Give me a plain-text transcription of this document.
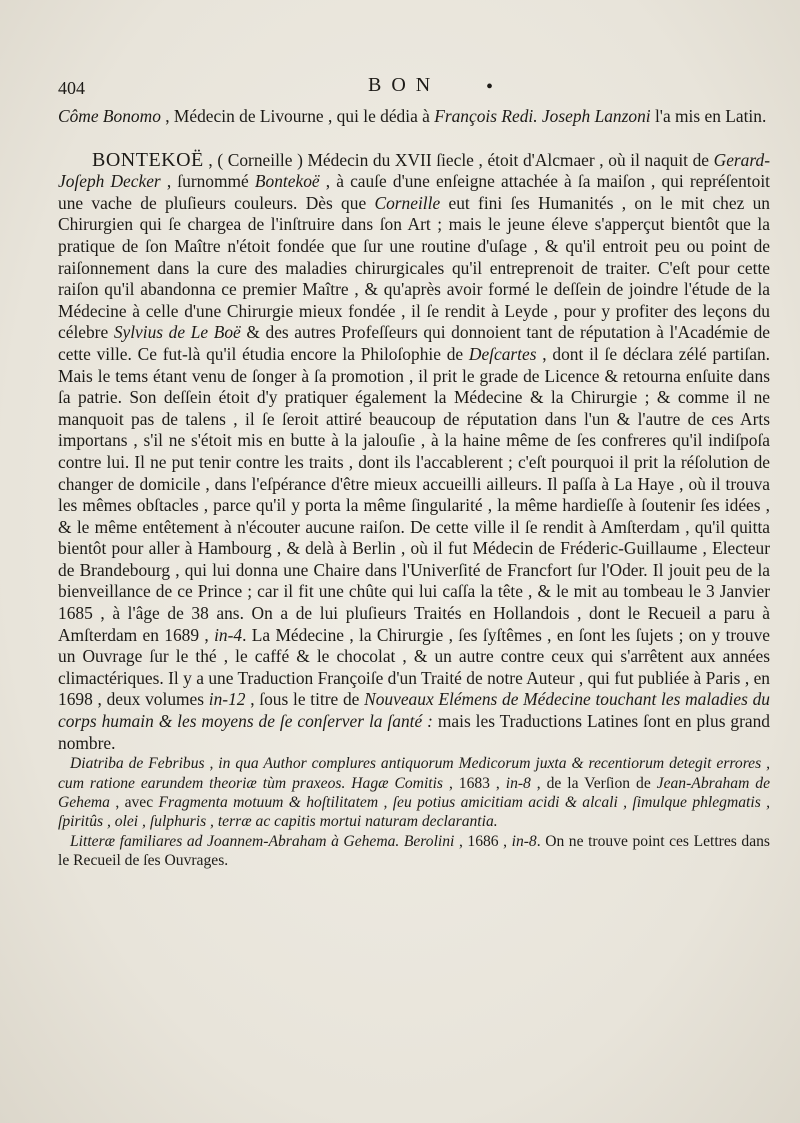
404	BON •

Côme Bonomo , Médecin de Livourne , qui le dédia à François Redi. Joseph Lanzoni l'a mis en Latin.

BONTEKOË , ( Corneille ) Médecin du XVII ſiecle , étoit d'Alcmaer , où il naquit de Gerard-Joſeph Decker , ſurnommé Bontekoë , à cauſe d'une enſeigne attachée à ſa maiſon , qui repréſentoit une vache de pluſieurs couleurs. Dès que Corneille eut fini ſes Humanités , on le mit chez un Chirurgien qui ſe chargea de l'inſtruire dans ſon Art ; mais le jeune éleve s'apperçut bientôt que la pratique de ſon Maître n'étoit fondée que ſur une routine d'uſage , & qu'il entroit peu ou point de raiſonnement dans la cure des maladies chirurgicales qu'il entreprenoit de traiter. C'eſt pour cette raiſon qu'il abandonna ce premier Maître , & qu'après avoir formé le deſſein de joindre l'étude de la Médecine à celle d'une Chirurgie mieux fondée , il ſe rendit à Leyde , pour y profiter des leçons du célebre Sylvius de Le Boë & des autres Profeſſeurs qui donnoient tant de réputation à l'Académie de cette ville. Ce fut-là qu'il étudia encore la Philoſophie de Deſcartes , dont il ſe déclara zélé partiſan. Mais le tems étant venu de ſonger à ſa promotion , il prit le grade de Licence & retourna enſuite dans ſa patrie. Son deſſein étoit d'y pratiquer également la Médecine & la Chirurgie ; & comme il ne manquoit pas de talens , il ſe ſeroit attiré beaucoup de réputation dans l'un & l'autre de ces Arts importans , s'il ne s'étoit mis en butte à la jalouſie , à la haine même de ſes confreres qu'il indiſpoſa contre lui. Il ne put tenir contre les traits , dont ils l'accablerent ; c'eſt pourquoi il prit la réſolution de changer de domicile , dans l'eſpérance d'être mieux accueilli ailleurs. Il paſſa à La Haye , où il trouva les mêmes obſtacles , parce qu'il y porta la même ſingularité , la même hardieſſe à ſoutenir ſes idées , & le même entêtement à n'écouter aucune raiſon. De cette ville il ſe rendit à Amſterdam , qu'il quitta bientôt pour aller à Hambourg , & delà à Berlin , où il fut Médecin de Fréderic-Guillaume , Electeur de Brandebourg , qui lui donna une Chaire dans l'Univerſité de Francfort ſur l'Oder. Il jouit peu de la bienveillance de ce Prince ; car il fit une chûte qui lui caſſa la tête , & le mit au tombeau le 3 Janvier 1685 , à l'âge de 38 ans. On a de lui pluſieurs Traités en Hollandois , dont le Recueil a paru à Amſterdam en 1689 , in-4. La Médecine , la Chirurgie , ſes ſyſtêmes , en ſont les ſujets ; on y trouve un Ouvrage ſur le thé , le caffé & le chocolat , & un autre contre ceux qui s'arrêtent aux années climactériques. Il y a une Traduction Françoiſe d'un Traité de notre Auteur , qui fut publiée à Paris , en 1698 , deux volumes in-12 , ſous le titre de Nouveaux Elémens de Médecine touchant les maladies du corps humain & les moyens de ſe conſerver la ſanté : mais les Traductions Latines ſont en plus grand nombre.

Diatriba de Febribus , in qua Author complures antiquorum Medicorum juxta & recentiorum detegit errores , cum ratione earundem theoriæ tùm praxeos. Hagæ Comitis , 1683 , in-8 , de la Verſion de Jean-Abraham de Gehema , avec Fragmenta motuum & hoſtilitatem , ſeu potius amicitiam acidi & alcali , ſimulque phlegmatis , ſpiritûs , olei , ſulphuris , terræ ac capitis mortui naturam declarantia.

Litteræ familiares ad Joannem-Abraham à Gehema. Berolini , 1686 , in-8. On ne trouve point ces Lettres dans le Recueil de ſes Ouvrages.
